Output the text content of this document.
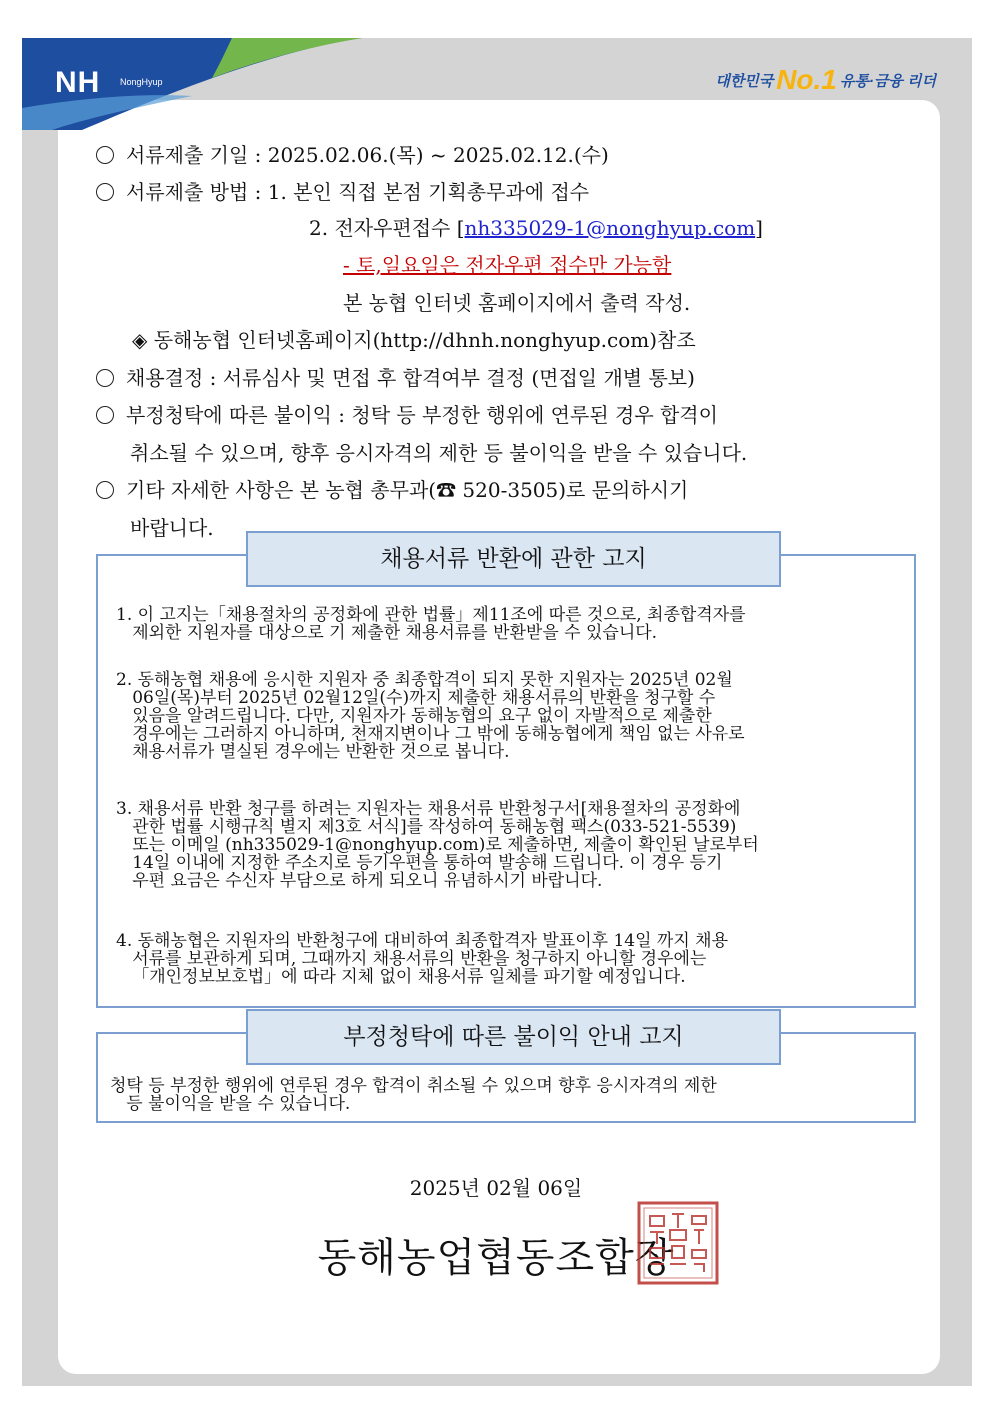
NH NongHyup	대한민국 No.1 유통·금융 리더
서류제출 기일 : 2025.02.06.(목) ~ 2025.02.12.(수)
서류제출 방법 : 1. 본인 직접 본점 기획총무과에 접수
2. 전자우편접수 [nh335029-1@nonghyup.com]
- 토,일요일은 전자우편 접수만 가능함
본 농협 인터넷 홈페이지에서 출력 작성.
◈ 동해농협 인터넷홈페이지(http://dhnh.nonghyup.com)참조
채용결정 : 서류심사 및 면접 후 합격여부 결정 (면접일 개별 통보)
부정청탁에 따른 불이익 : 청탁 등 부정한 행위에 연루된 경우 합격이
취소될 수 있으며, 향후 응시자격의 제한 등 불이익을 받을 수 있습니다.
기타 자세한 사항은 본 농협 총무과(☎ 520-3505)로 문의하시기
바랍니다.
채용서류 반환에 관한 고지
1. 이 고지는「채용절차의 공정화에 관한 법률」제11조에 따른 것으로, 최종합격자를
제외한 지원자를 대상으로 기 제출한 채용서류를 반환받을 수 있습니다.
2. 동해농협 채용에 응시한 지원자 중 최종합격이 되지 못한 지원자는 2025년 02월
06일(목)부터 2025년 02월12일(수)까지 제출한 채용서류의 반환을 청구할 수
있음을 알려드립니다. 다만, 지원자가 동해농협의 요구 없이 자발적으로 제출한
경우에는 그러하지 아니하며, 천재지변이나 그 밖에 동해농협에게 책임 없는 사유로
채용서류가 멸실된 경우에는 반환한 것으로 봅니다.
3. 채용서류 반환 청구를 하려는 지원자는 채용서류 반환청구서[채용절차의 공정화에
관한 법률 시행규칙 별지 제3호 서식]를 작성하여 동해농협 팩스(033-521-5539)
또는 이메일 (nh335029-1@nonghyup.com)로 제출하면, 제출이 확인된 날로부터
14일 이내에 지정한 주소지로 등기우편을 통하여 발송해 드립니다. 이 경우 등기
우편 요금은 수신자 부담으로 하게 되오니 유념하시기 바랍니다.
4. 동해농협은 지원자의 반환청구에 대비하여 최종합격자 발표이후 14일 까지 채용
서류를 보관하게 되며, 그때까지 채용서류의 반환을 청구하지 아니할 경우에는
「개인정보보호법」에 따라 지체 없이 채용서류 일체를 파기할 예정입니다.
부정청탁에 따른 불이익 안내 고지
청탁 등 부정한 행위에 연루된 경우 합격이 취소될 수 있으며 향후 응시자격의 제한
등 불이익을 받을 수 있습니다.
2025년 02월 06일
동해농업협동조합장
